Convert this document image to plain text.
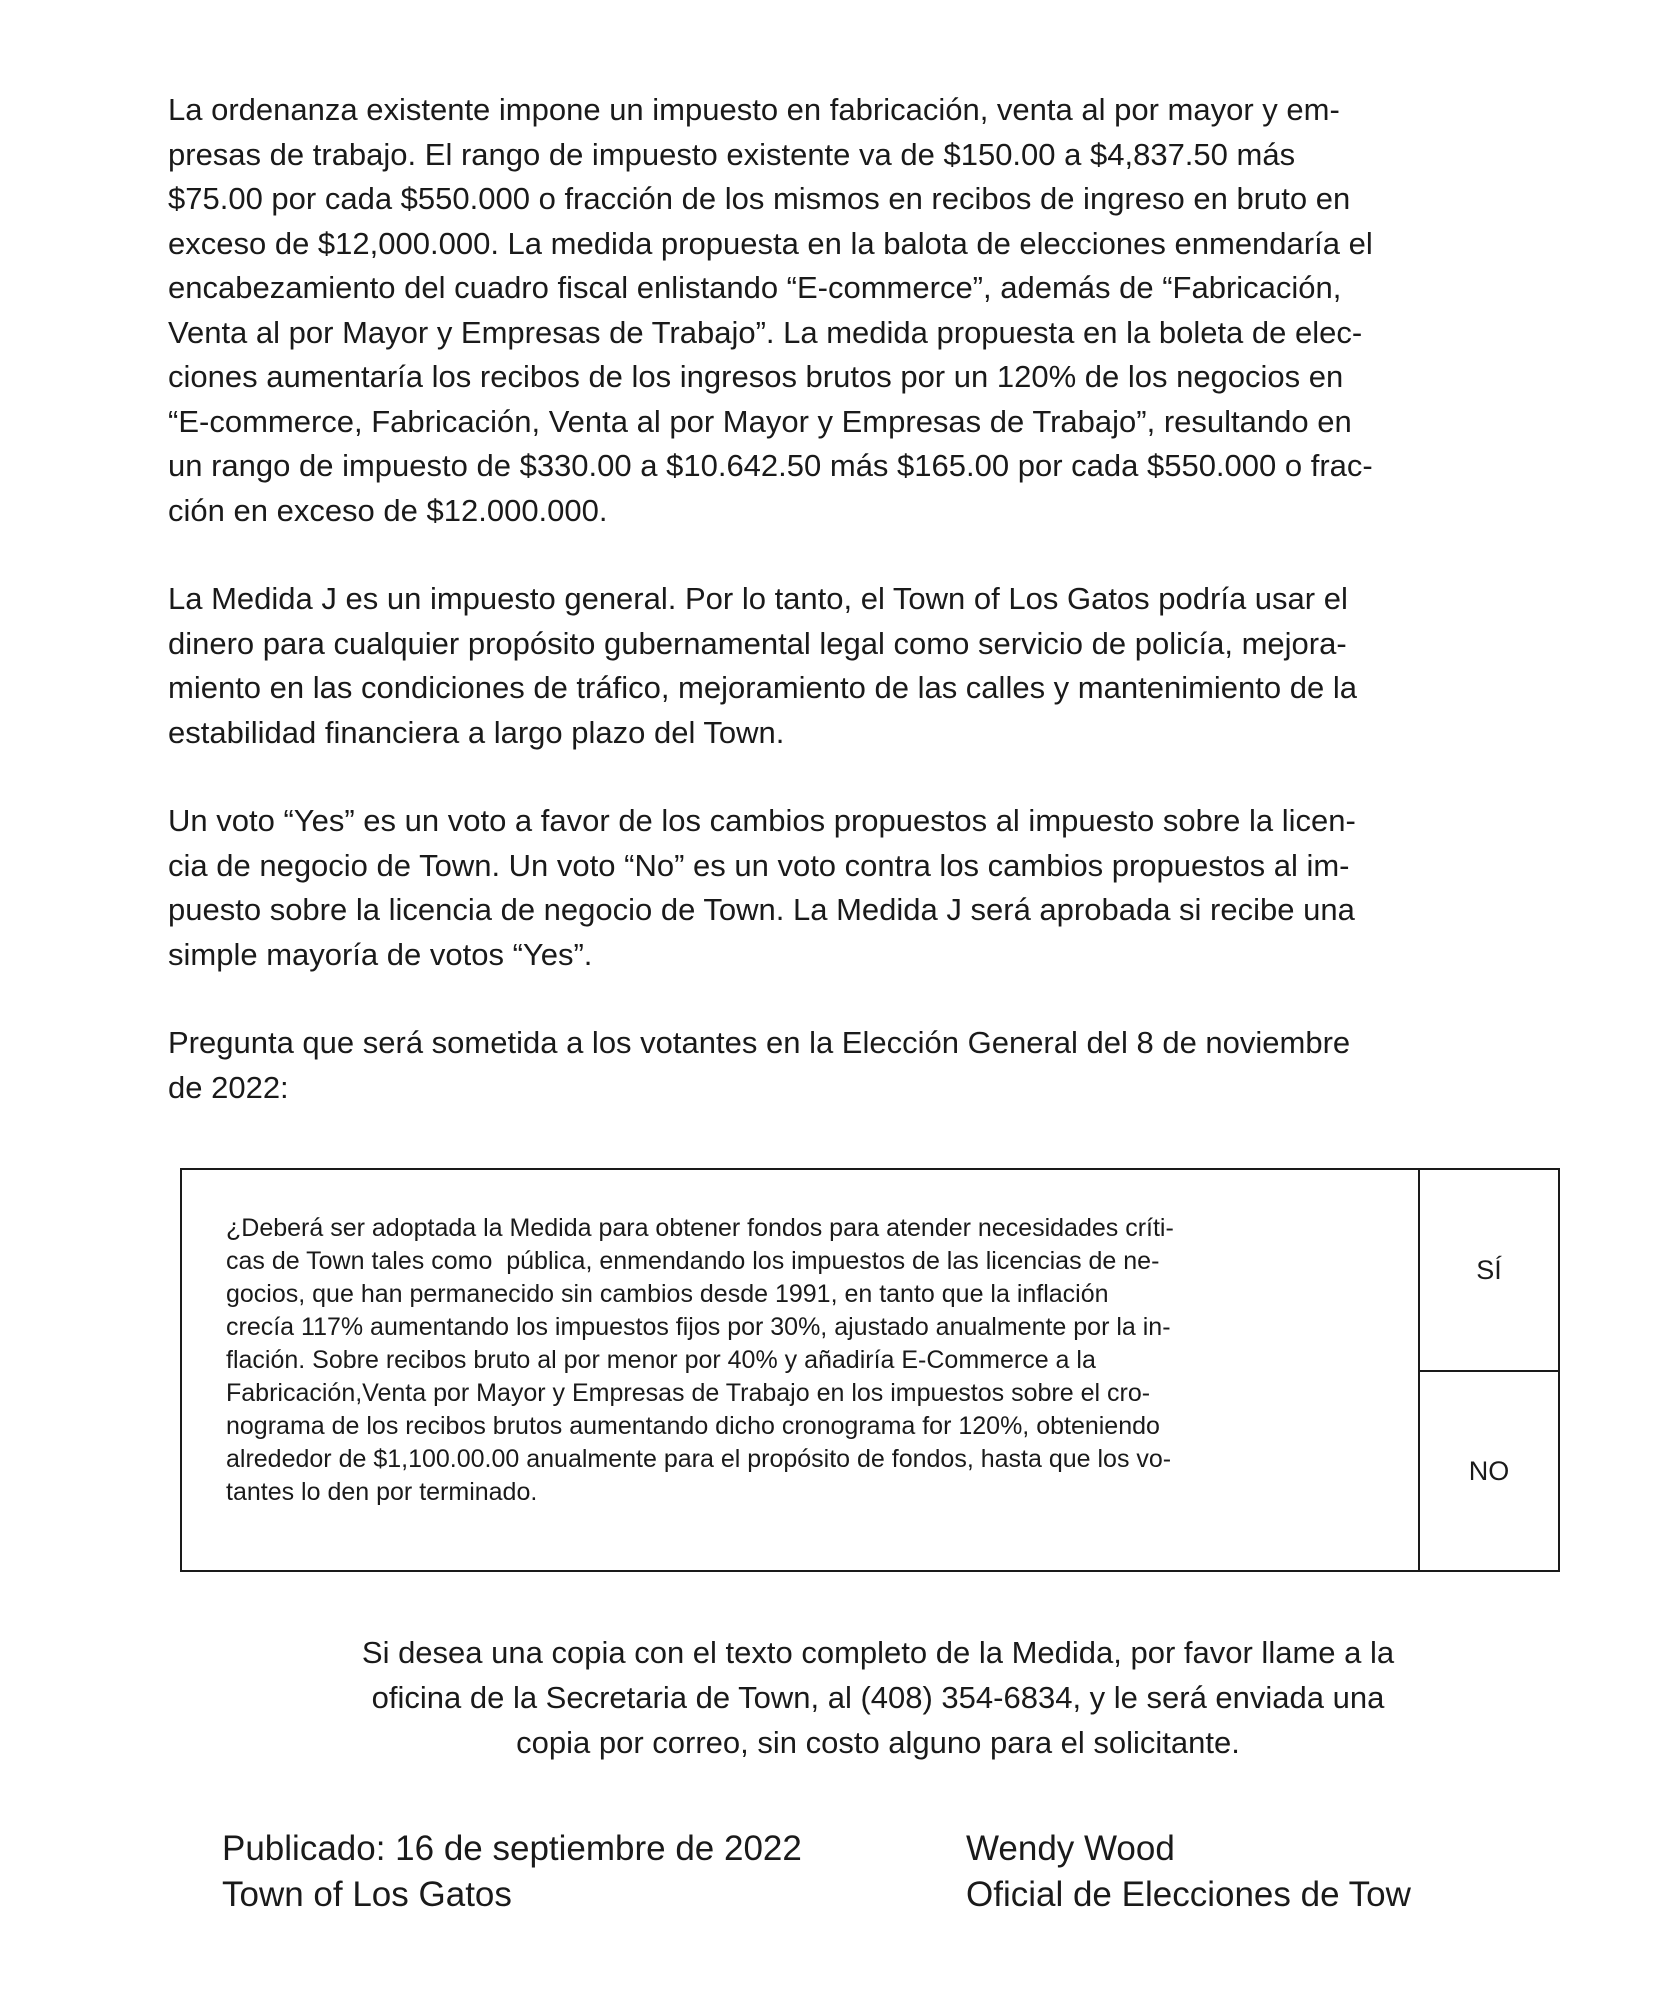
La ordenanza existente impone un impuesto en fabricación, venta al por mayor y em-
presas de trabajo. El rango de impuesto existente va de $150.00 a $4,837.50 más
$75.00 por cada $550.000 o fracción de los mismos en recibos de ingreso en bruto en
exceso de $12,000.000. La medida propuesta en la balota de elecciones enmendaría el
encabezamiento del cuadro fiscal enlistando “E-commerce”, además de “Fabricación,
Venta al por Mayor y Empresas de Trabajo”. La medida propuesta en la boleta de elec-
ciones aumentaría los recibos de los ingresos brutos por un 120% de los negocios en
“E-commerce, Fabricación, Venta al por Mayor y Empresas de Trabajo”, resultando en
un rango de impuesto de $330.00 a $10.642.50 más $165.00 por cada $550.000 o frac-
ción en exceso de $12.000.000.

La Medida J es un impuesto general. Por lo tanto, el Town of Los Gatos podría usar el
dinero para cualquier propósito gubernamental legal como servicio de policía, mejora-
miento en las condiciones de tráfico, mejoramiento de las calles y mantenimiento de la
estabilidad financiera a largo plazo del Town.

Un voto “Yes” es un voto a favor de los cambios propuestos al impuesto sobre la licen-
cia de negocio de Town. Un voto “No” es un voto contra los cambios propuestos al im-
puesto sobre la licencia de negocio de Town. La Medida J será aprobada si recibe una
simple mayoría de votos “Yes”.

Pregunta que será sometida a los votantes en la Elección General del 8 de noviembre
de 2022:

¿Deberá ser adoptada la Medida para obtener fondos para atender necesidades críti-
cas de Town tales como  pública, enmendando los impuestos de las licencias de ne-
gocios, que han permanecido sin cambios desde 1991, en tanto que la inflación
crecía 117% aumentando los impuestos fijos por 30%, ajustado anualmente por la in-
flación. Sobre recibos bruto al por menor por 40% y añadiría E-Commerce a la
Fabricación,Venta por Mayor y Empresas de Trabajo en los impuestos sobre el cro-
nograma de los recibos brutos aumentando dicho cronograma for 120%, obteniendo
alrededor de $1,100.00.00 anualmente para el propósito de fondos, hasta que los vo-
tantes lo den por terminado.
SÍ
NO
Si desea una copia con el texto completo de la Medida, por favor llame a la
oficina de la Secretaria de Town, al (408) 354-6834, y le será enviada una
copia por correo, sin costo alguno para el solicitante.
Publicado: 16 de septiembre de 2022
Town of Los Gatos
Wendy Wood
Oficial de Elecciones de Tow
